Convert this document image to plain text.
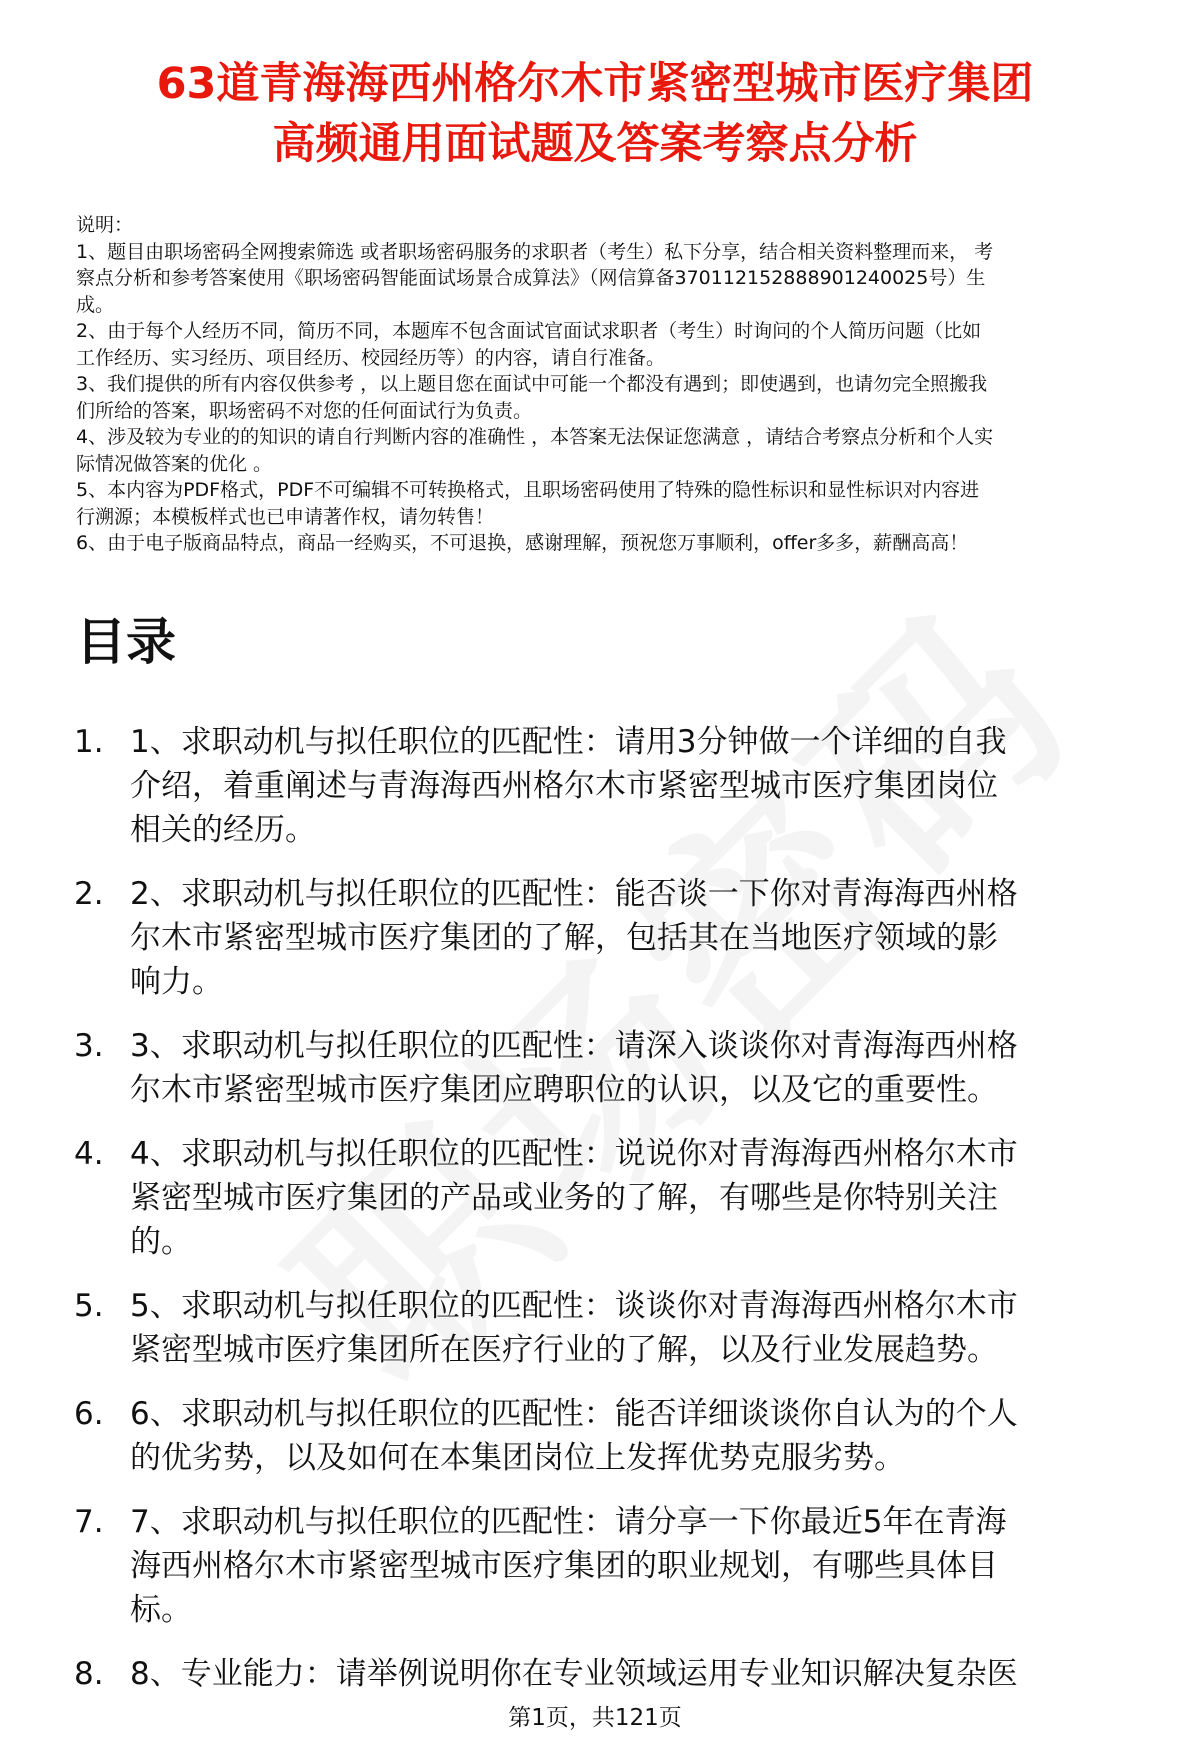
63道青海海西州格尔木市紧密型城市医疗集团
高频通用面试题及答案考察点分析
说明：
1、题目由职场密码全网搜索筛选 或者职场密码服务的求职者（考生）私下分享，结合相关资料整理而来， 考
察点分析和参考答案使用《职场密码智能面试场景合成算法》（网信算备370112152888901240025号）生
成。
2、由于每个人经历不同，简历不同，本题库不包含面试官面试求职者（考生）时询问的个人简历问题（比如
工作经历、实习经历、项目经历、校园经历等）的内容，请自行准备。
3、我们提供的所有内容仅供参考 ，以上题目您在面试中可能一个都没有遇到；即使遇到，也请勿完全照搬我
们所给的答案，职场密码不对您的任何面试行为负责。
4、涉及较为专业的的知识的请自行判断内容的准确性 ，本答案无法保证您满意 ，请结合考察点分析和个人实
际情况做答案的优化 。
5、本内容为PDF格式，PDF不可编辑不可转换格式，且职场密码使用了特殊的隐性标识和显性标识对内容进
行溯源；本模板样式也已申请著作权，请勿转售！
6、由于电子版商品特点，商品一经购买，不可退换，感谢理解，预祝您万事顺利，offer多多，薪酬高高！
目录
1. 1、求职动机与拟任职位的匹配性：请用3分钟做一个详细的自我
介绍，着重阐述与青海海西州格尔木市紧密型城市医疗集团岗位
相关的经历。
2. 2、求职动机与拟任职位的匹配性：能否谈一下你对青海海西州格
尔木市紧密型城市医疗集团的了解，包括其在当地医疗领域的影
响力。
3. 3、求职动机与拟任职位的匹配性：请深入谈谈你对青海海西州格
尔木市紧密型城市医疗集团应聘职位的认识，以及它的重要性。
4. 4、求职动机与拟任职位的匹配性：说说你对青海海西州格尔木市
紧密型城市医疗集团的产品或业务的了解，有哪些是你特别关注
的。
5. 5、求职动机与拟任职位的匹配性：谈谈你对青海海西州格尔木市
紧密型城市医疗集团所在医疗行业的了解，以及行业发展趋势。
6. 6、求职动机与拟任职位的匹配性：能否详细谈谈你自认为的个人
的优劣势，以及如何在本集团岗位上发挥优势克服劣势。
7. 7、求职动机与拟任职位的匹配性：请分享一下你最近5年在青海
海西州格尔木市紧密型城市医疗集团的职业规划，有哪些具体目
标。
8. 8、专业能力：请举例说明你在专业领域运用专业知识解决复杂医
第1页，共121页
